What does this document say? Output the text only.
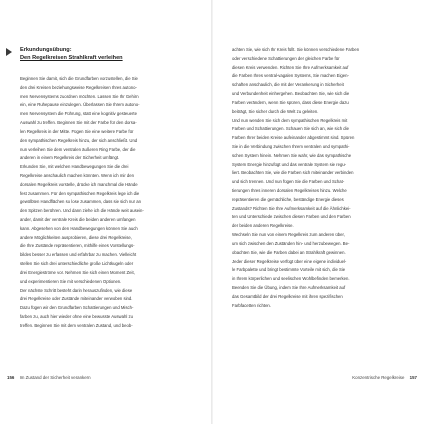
Erkundungsübung:
Den Regelkreisen Strahlkraft verleihen
Beginnen Sie damit, sich die Grundfarben vorzustellen, die Sie
den drei Kreisen beziehungsweise Regelkreisen Ihres autono-
men Nervensystems zuordnen möchten. Lassen Sie Ihr Gehirn
ein, eine Ruhepause einzulegen. Überlassen Sie Ihrem autono-
men Nervensystem die Führung, statt eine kognitiv gesteuerte
Auswahl zu treffen. Beginnen Sie mit der Farbe für den dorsa-
len Regelkreis in der Mitte. Fügen Sie eine weitere Farbe für
den sympathischen Regelkreis hinzu, der sich anschließt. Und
nun verleihen Sie dem ventralen äußeren Ring Farbe, der die
anderen in einem Regelkreis der Sicherheit umfängt.
Erkunden Sie, mit welchen Handbewegungen Sie die drei
Regelkreise anschaulich machen könnten. Wenn ich mir den
dorsalen Regelkreis vorstelle, drücke ich manchmal die Hände
fest zusammen. Für den sympathischen Regelkreis lege ich die
gewölbten Handflächen so lose zusammen, dass sie sich nur an
den Spitzen berühren. Und dann ziehe ich die Hände weit ausein-
ander, damit der ventrale Kreis die beiden anderen umfangen
kann. Abgesehen von den Handbewegungen können Sie auch
andere Möglichkeiten ausprobieren, diese drei Regelkreise,
die Ihre Zustände repräsentieren, mithilfe eines Vorstellungs-
bildes besser zu erfassen und erfahrbar zu machen. Vielleicht
stellen Sie sich drei unterschiedliche große Lichtkugeln oder
drei Energieströme vor. Nehmen Sie sich einen Moment Zeit,
und experimentieren Sie mit verschiedenen Optionen.
Der nächste Schritt besteht darin herauszufinden, wie diese
drei Regelkreise oder Zustände miteinander verwoben sind.
Dazu fügen wir den Grundfarben Schattierungen und Misch-
farben zu, auch hier wieder ohne eine bewusste Auswahl zu
treffen. Beginnen Sie mit dem ventralen Zustand, und beob-
156 Im Zustand der Sicherheit verankern
achten Sie, wie sich Ihr Kreis füllt. Sie können verschiedene Farben
oder verschiedene Schattierungen der gleichen Farbe für
diesen Kreis verwenden. Richten Sie Ihre Aufmerksamkeit auf
die Farben Ihres ventral-vagalen Systems, Sie machen Eigen-
schaften anschaulich, die mit der Verankerung in Sicherheit
und Verbundenheit einhergehen. Beobachten Sie, wie sich die
Farben verändern, wenn Sie spüren, dass diese Energie dazu
beiträgt, Sie sicher durch die Welt zu geleiten.
Und nun wenden Sie sich dem sympathischen Regelkreis mit
Farben und Schattierungen. Schauen Sie sich an, wie sich die
Farben Ihrer beiden Kreise aufeinander abgestimmt sind. Spüren
Sie in die Verbindung zwischen Ihrem ventralen und sympathi-
schen System hinein. Nehmen Sie wahr, wie das sympathische
System Energie hinzufügt und das ventrale System sie regu-
liert. Beobachten Sie, wie die Farben sich miteinander verbinden
und sich trennen. Und nun fügen Sie die Farben und Schat-
tierungen Ihres inneren dorsalen Regelkreises hinzu. Welche
repräsentieren die gemächliche, beständige Energie dieses
Zustands? Richten Sie Ihre Aufmerksamkeit auf die Ähnlichkei-
ten und Unterschiede zwischen diesen Farben und den Farben
der beiden anderen Regelkreise.
Wechseln Sie nun von einem Regelkreis zum anderen über,
um sich zwischen den Zuständen hin- und herzubewegen. Be-
obachten Sie, wie die Farben dabei an Strahlkraft gewinnen.
Jeder dieser Regelkreise verfügt über eine eigene individuel-
le Farbpalette und bringt bestimmte Vorteile mit sich, die Sie
in Ihrem körperlichen und seelischen Wohlbefinden bemerken.
Beenden Sie die Übung, indem Sie Ihre Aufmerksamkeit auf
das Gesamtbild der drei Regelkreise mit ihren spezifischen
Farbfacetten richten.
Konzentrische Regelkreise 157
